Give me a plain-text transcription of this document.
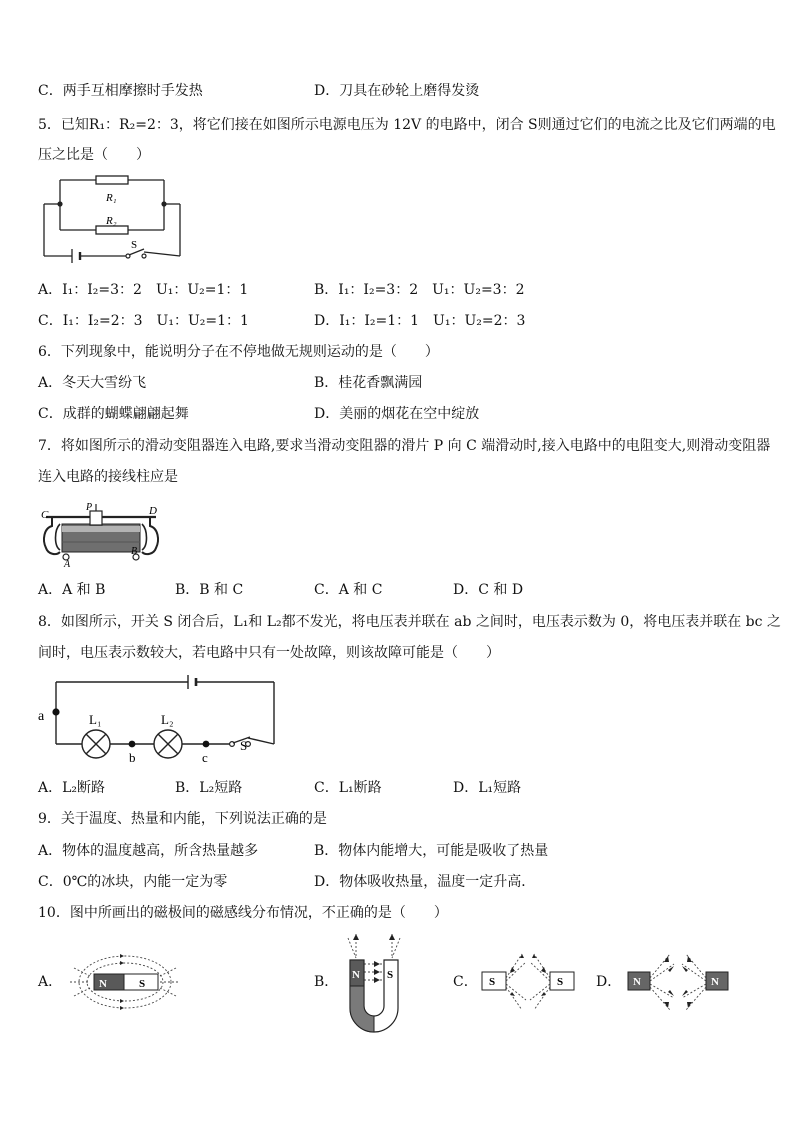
C．两手互相摩擦时手发热	D．刀具在砂轮上磨得发烫
5．已知R₁：R₂=2：3，将它们接在如图所示电源电压为 12V 的电路中，闭合 S则通过它们的电流之比及它们两端的电
压之比是（　　）
R₁
R₂
S
A．I₁：I₂=3：2　U₁：U₂=1：1	B．I₁：I₂=3：2　U₁：U₂=3：2
C．I₁：I₂=2：3　U₁：U₂=1：1	D．I₁：I₂=1：1　U₁：U₂=2：3
6．下列现象中，能说明分子在不停地做无规则运动的是（　　）
A．冬天大雪纷飞	B．桂花香飘满园
C．成群的蝴蝶翩翩起舞	D．美丽的烟花在空中绽放
7．将如图所示的滑动变阻器连入电路,要求当滑动变阻器的滑片 P 向 C 端滑动时,接入电路中的电阻变大,则滑动变阻器
连入电路的接线柱应是
C	D
P
A
B
A．A 和 B	B．B 和 C	C．A 和 C	D．C 和 D
8．如图所示，开关 S 闭合后，L₁和 L₂都不发光，将电压表并联在 ab 之间时，电压表示数为 0，将电压表并联在 bc 之
间时，电压表示数较大，若电路中只有一处故障，则该故障可能是（　　）
a
b	c
L₁	L₂
S
A．L₂断路	B．L₂短路	C．L₁断路	D．L₁短路
9．关于温度、热量和内能，下列说法正确的是
A．物体的温度越高，所含热量越多	B．物体内能增大，可能是吸收了热量
C．0℃的冰块，内能一定为零	D．物体吸收热量，温度一定升高．
10．图中所画出的磁极间的磁感线分布情况，不正确的是（　　）
A．	B．	C．	D．
N	S
N S
S	S	N	N
